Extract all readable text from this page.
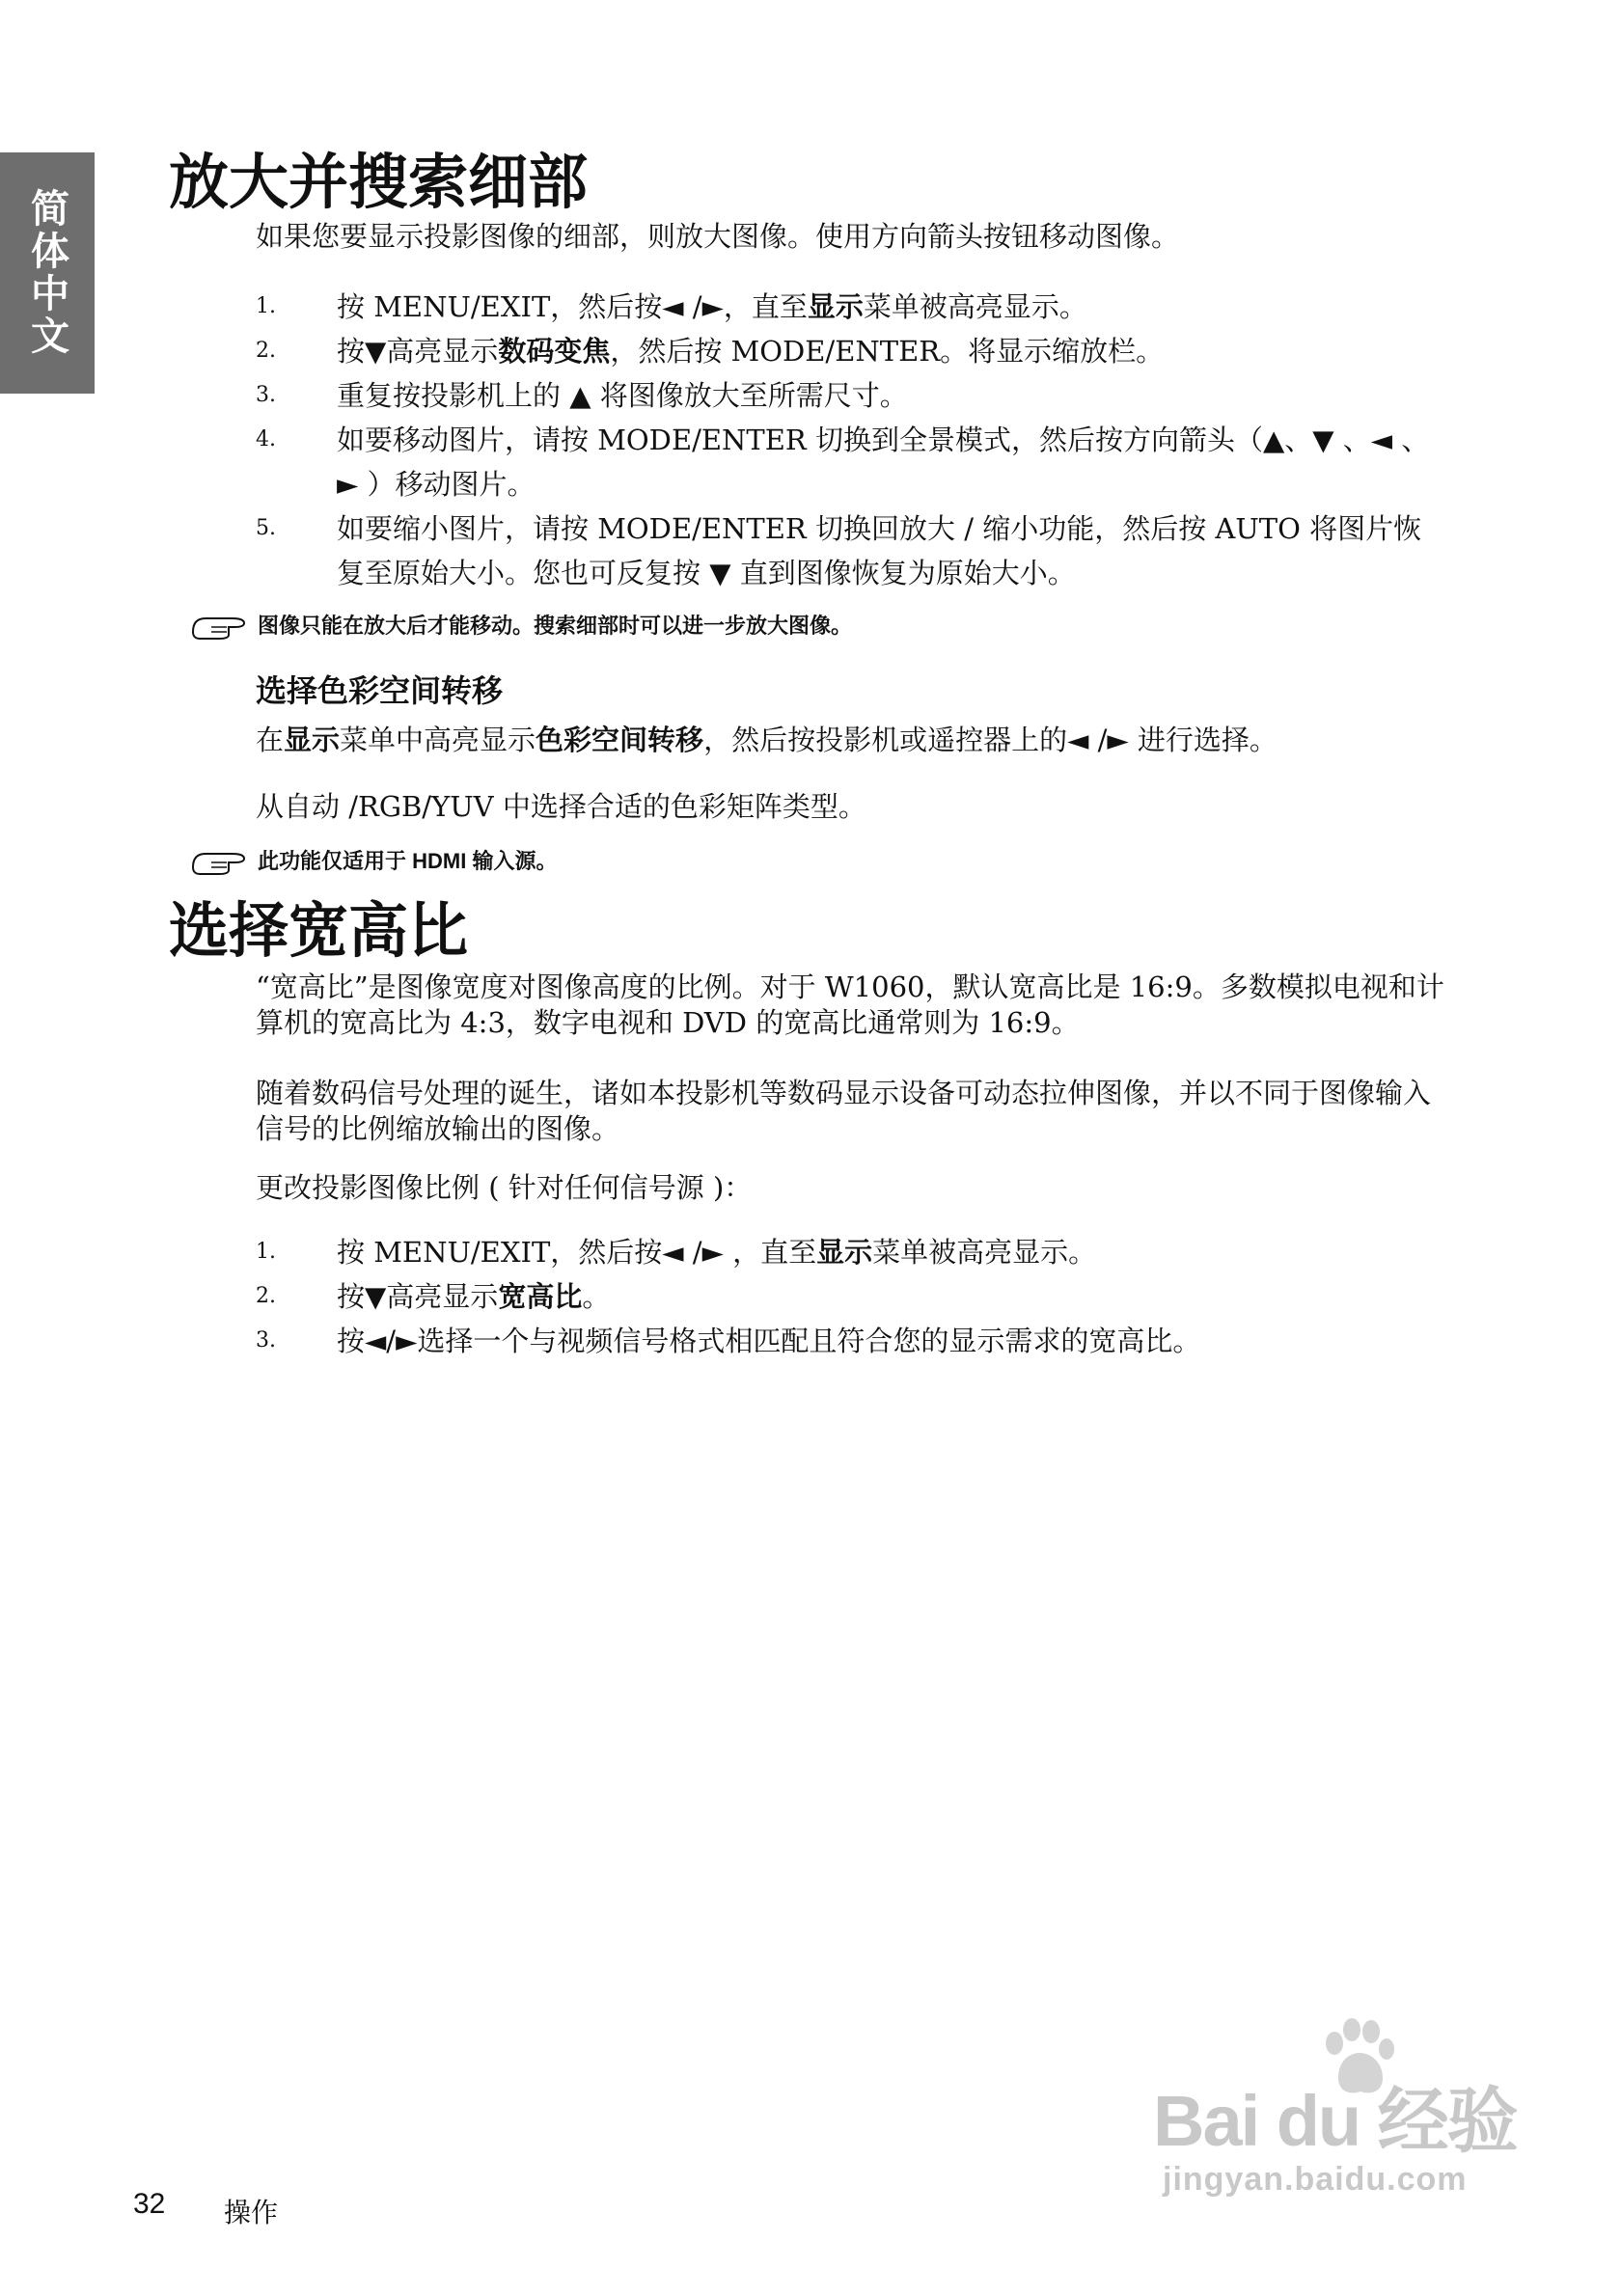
简体中文
放大并搜索细部

如果您要显示投影图像的细部，则放大图像。使用方向箭头按钮移动图像。

1. 按 MENU/EXIT，然后按◄ /►，直至显示菜单被高亮显示。
2. 按▼高亮显示数码变焦，然后按 MODE/ENTER。将显示缩放栏。
3. 重复按投影机上的 ▲ 将图像放大至所需尺寸。
4. 如要移动图片，请按 MODE/ENTER 切换到全景模式，然后按方向箭头（▲、▼ 、◄ 、► ）移动图片。
5. 如要缩小图片，请按 MODE/ENTER 切换回放大 / 缩小功能，然后按 AUTO 将图片恢复至原始大小。您也可反复按 ▼ 直到图像恢复为原始大小。
图像只能在放大后才能移动。搜索细部时可以进一步放大图像。
选择色彩空间转移

在显示菜单中高亮显示色彩空间转移，然后按投影机或遥控器上的◄ /► 进行选择。

从自动 /RGB/YUV 中选择合适的色彩矩阵类型。

此功能仅适用于 HDMI 输入源。
选择宽高比

“宽高比”是图像宽度对图像高度的比例。对于 W1060，默认宽高比是 16:9。多数模拟电视和计算机的宽高比为 4:3，数字电视和 DVD 的宽高比通常则为 16:9。

随着数码信号处理的诞生，诸如本投影机等数码显示设备可动态拉伸图像，并以不同于图像输入信号的比例缩放输出的图像。

更改投影图像比例 ( 针对任何信号源 )：

1. 按 MENU/EXIT，然后按◄ /► ，直至显示菜单被高亮显示。
2. 按▼高亮显示宽高比。
3. 按◄/►选择一个与视频信号格式相匹配且符合您的显示需求的宽高比。
32 操作
Bai du 经验
jingyan.baidu.com
